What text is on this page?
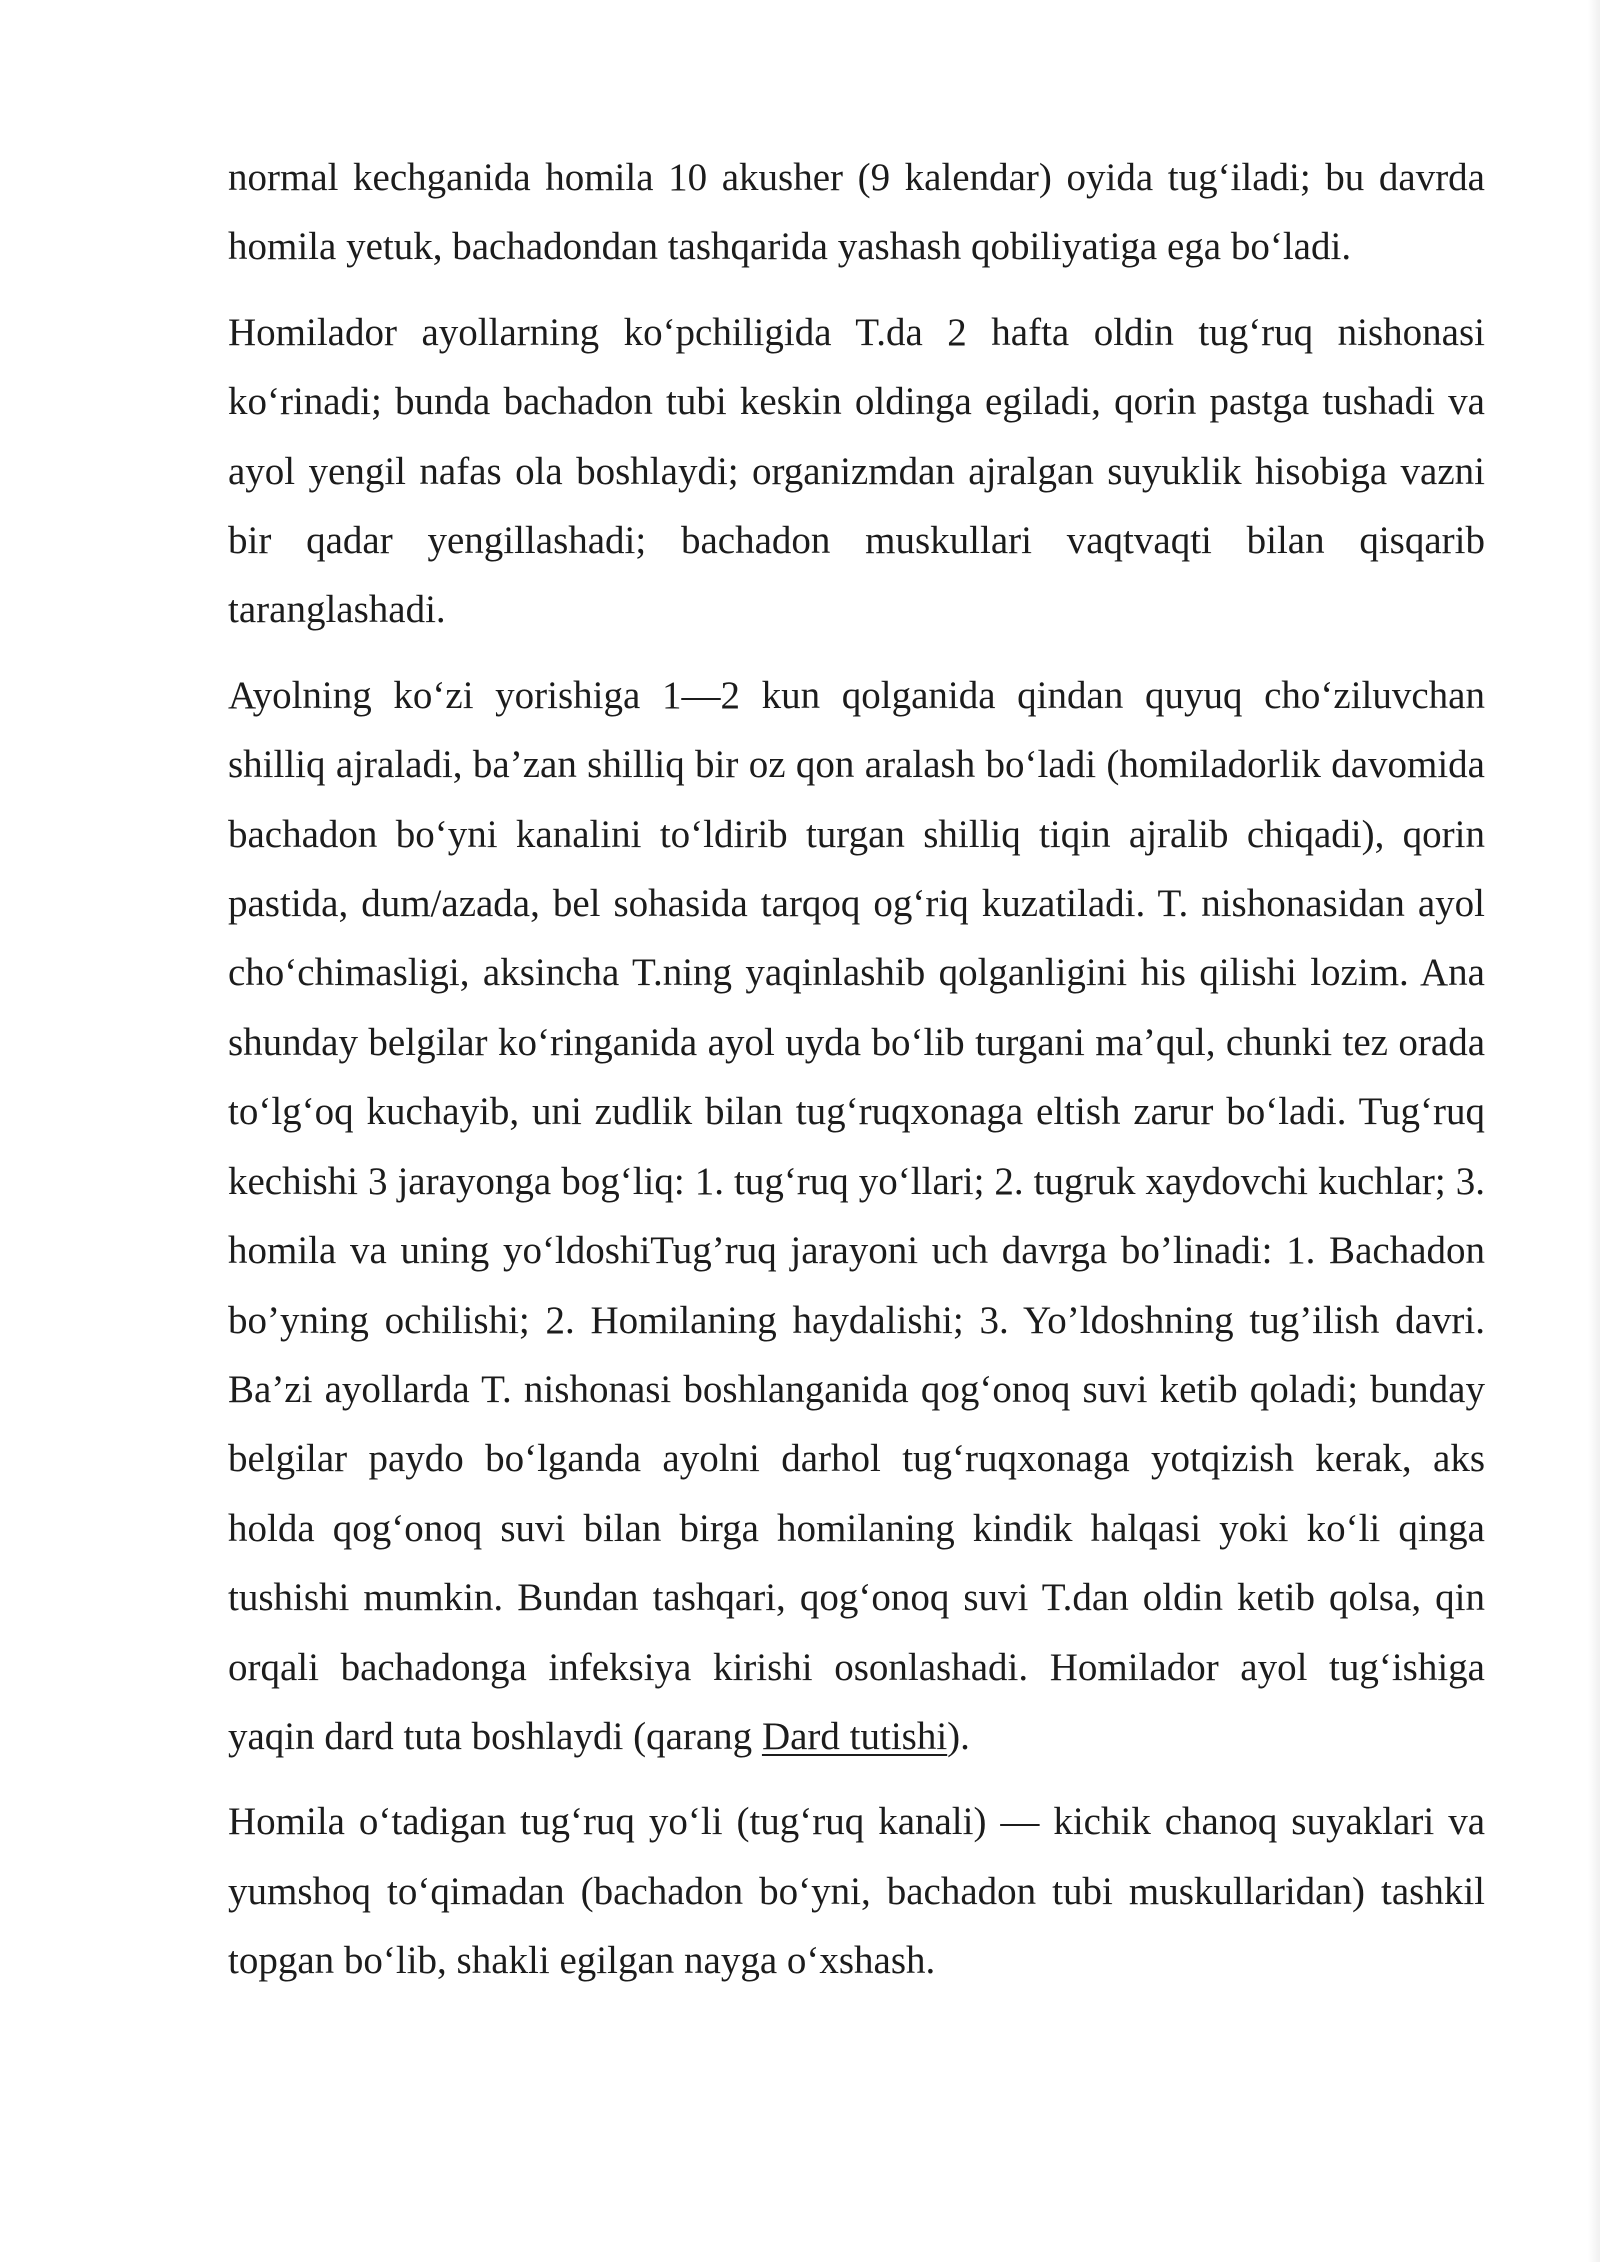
normal kechganida homila 10 akusher (9 kalendar) oyida tug‘iladi; bu davrda homila yetuk, bachadondan tashqarida yashash qobiliyatiga ega bo‘ladi.

Homilador ayollarning ko‘pchiligida T.da 2 hafta oldin tug‘ruq nishonasi ko‘rinadi; bunda bachadon tubi keskin oldinga egiladi, qorin pastga tushadi va ayol yengil nafas ola boshlaydi; organizmdan ajralgan suyuklik hisobiga vazni bir qadar yengillashadi; bachadon muskullari vaqtvaqti bilan qisqarib taranglashadi.

Ayolning ko‘zi yorishiga 1—2 kun qolganida qindan quyuq cho‘ziluvchan shilliq ajraladi, ba’zan shilliq bir oz qon aralash bo‘ladi (homiladorlik davomida bachadon bo‘yni kanalini to‘ldirib turgan shilliq tiqin ajralib chiqadi), qorin pastida, dum/azada, bel sohasida tarqoq og‘riq kuzatiladi. T. nishonasidan ayol cho‘chimasligi, aksincha T.ning yaqinlashib qolganligini his qilishi lozim. Ana shunday belgilar ko‘ringanida ayol uyda bo‘lib turgani ma’qul, chunki tez orada to‘lg‘oq kuchayib, uni zudlik bilan tug‘ruqxonaga eltish zarur bo‘ladi. Tug‘ruq kechishi 3 jarayonga bog‘liq: 1. tug‘ruq yo‘llari; 2. tugruk xaydovchi kuchlar; 3. homila va uning yo‘ldoshiTug’ruq jarayoni uch davrga bo’linadi: 1. Bachadon bo’yning ochilishi; 2. Homilaning haydalishi; 3. Yo’ldoshning tug’ilish davri. Ba’zi ayollarda T. nishonasi boshlanganida qog‘onoq suvi ketib qoladi; bunday belgilar paydo bo‘lganda ayolni darhol tug‘ruqxonaga yotqizish kerak, aks holda qog‘onoq suvi bilan birga homilaning kindik halqasi yoki ko‘li qinga tushishi mumkin. Bundan tashqari, qog‘onoq suvi T.dan oldin ketib qolsa, qin orqali bachadonga infeksiya kirishi osonlashadi. Homilador ayol tug‘ishiga yaqin dard tuta boshlaydi (qarang Dard tutishi).

Homila o‘tadigan tug‘ruq yo‘li (tug‘ruq kanali) — kichik chanoq suyaklari va yumshoq to‘qimadan (bachadon bo‘yni, bachadon tubi muskullaridan) tashkil topgan bo‘lib, shakli egilgan nayga o‘xshash.
